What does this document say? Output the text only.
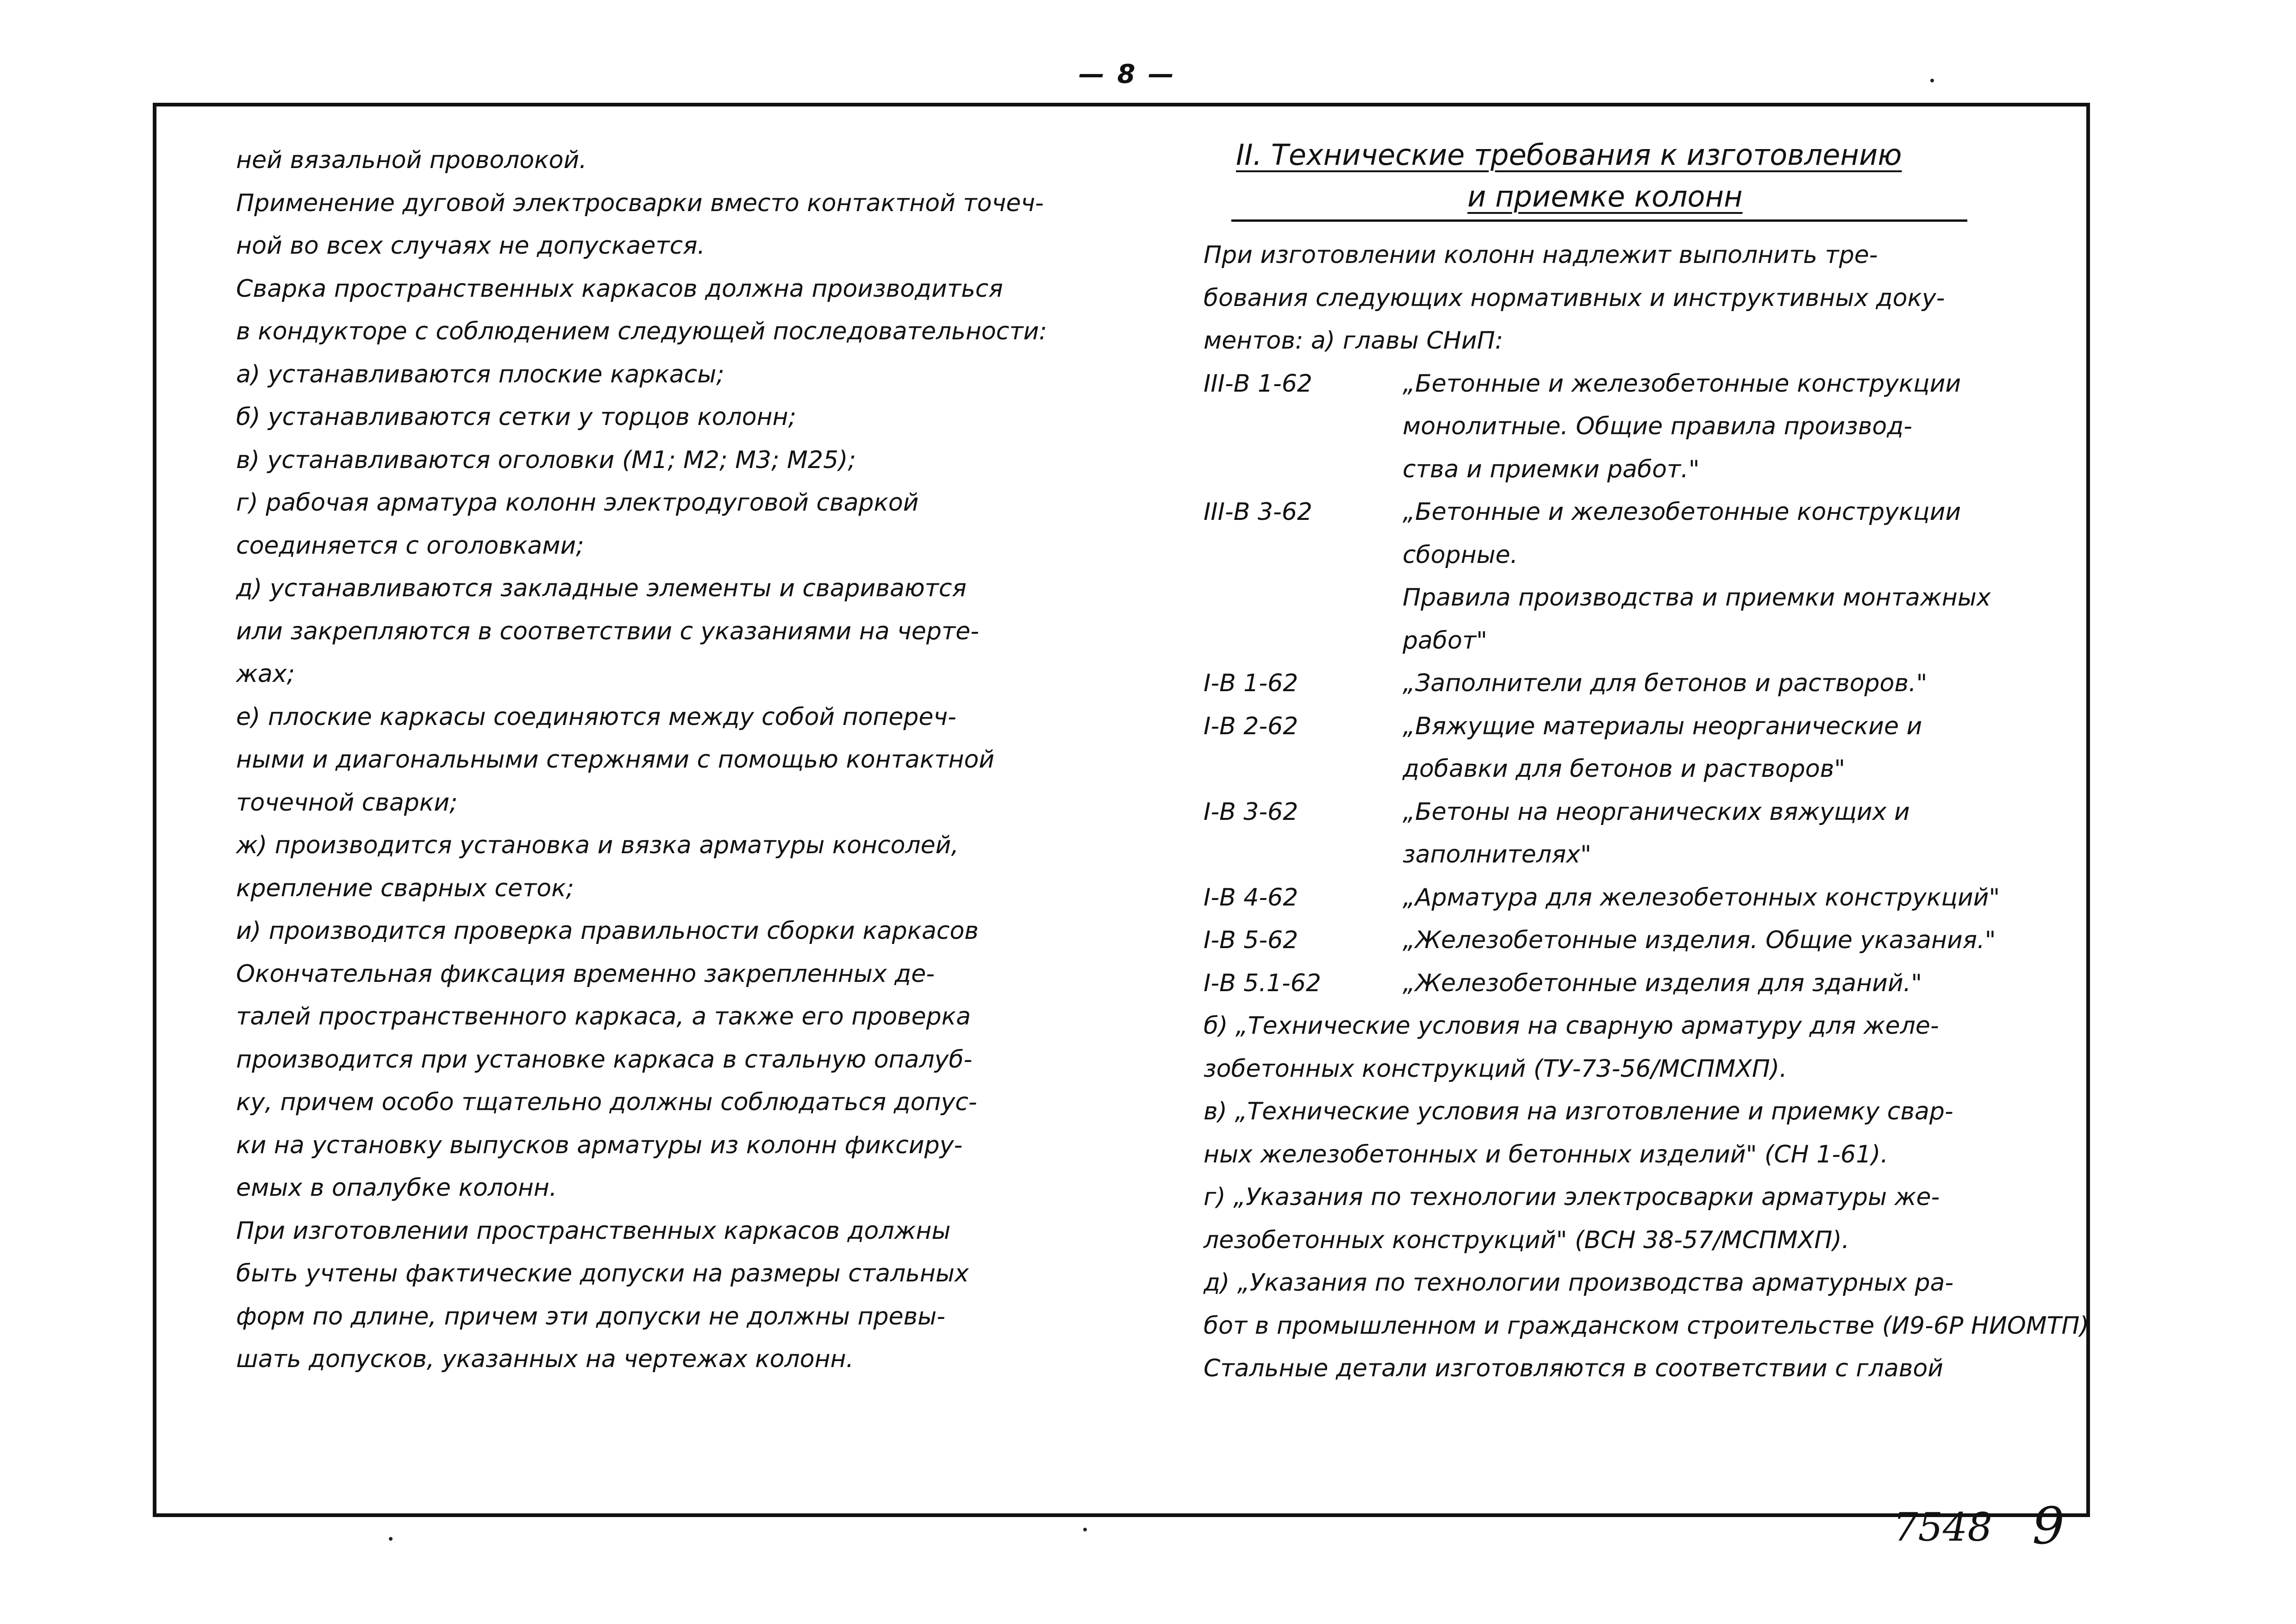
— 8 —
ней вязальной проволокой.
Применение дуговой электросварки вместо контактной точеч-
ной во всех случаях не допускается.
Сварка пространственных каркасов должна производиться
в кондукторе с соблюдением следующей последовательности:
а) устанавливаются плоские каркасы;
б) устанавливаются сетки у торцов колонн;
в) устанавливаются оголовки (М1; М2; М3; М25);
г) рабочая арматура колонн электродуговой сваркой
соединяется с оголовками;
д) устанавливаются закладные элементы и свариваются
или закрепляются в соответствии с указаниями на черте-
жах;
е) плоские каркасы соединяются между собой попереч-
ными и диагональными стержнями с помощью контактной
точечной сварки;
ж) производится установка и вязка арматуры консолей,
крепление сварных сеток;
и) производится проверка правильности сборки каркасов
Окончательная фиксация временно закрепленных де-
талей пространственного каркаса, а также его проверка
производится при установке каркаса в стальную опалуб-
ку, причем особо тщательно должны соблюдаться допус-
ки на установку выпусков арматуры из колонн фиксиру-
емых в опалубке колонн.
При изготовлении пространственных каркасов должны
быть учтены фактические допуски на размеры стальных
форм по длине, причем эти допуски не должны превы-
шать допусков, указанных на чертежах колонн.
II. Технические требования к изготовлению
и приемке колонн
При изготовлении колонн надлежит выполнить тре-
бования следующих нормативных и инструктивных доку-
ментов: а) главы СНиП:
III-В 1-62	„Бетонные и железобетонные конструкции
монолитные. Общие правила производ-
ства и приемки работ."
III-В 3-62	„Бетонные и железобетонные конструкции
сборные.
Правила производства и приемки монтажных
работ"
I-В 1-62	„Заполнители для бетонов и растворов."
I-В 2-62	„Вяжущие материалы неорганические и
добавки для бетонов и растворов"
I-В 3-62	„Бетоны на неорганических вяжущих и
заполнителях"
I-В 4-62	„Арматура для железобетонных конструкций"
I-В 5-62	„Железобетонные изделия. Общие указания."
I-В 5.1-62	„Железобетонные изделия для зданий."
б) „Технические условия на сварную арматуру для желе-
зобетонных конструкций (ТУ-73-56/МСПМХП).
в) „Технические условия на изготовление и приемку свар-
ных железобетонных и бетонных изделий" (СН 1-61).
г) „Указания по технологии электросварки арматуры же-
лезобетонных конструкций" (ВСН 38-57/МСПМХП).
д) „Указания по технологии производства арматурных ра-
бот в промышленном и гражданском строительстве (И9-6Р НИОМТП)
Стальные детали изготовляются в соответствии с главой
7548 9
